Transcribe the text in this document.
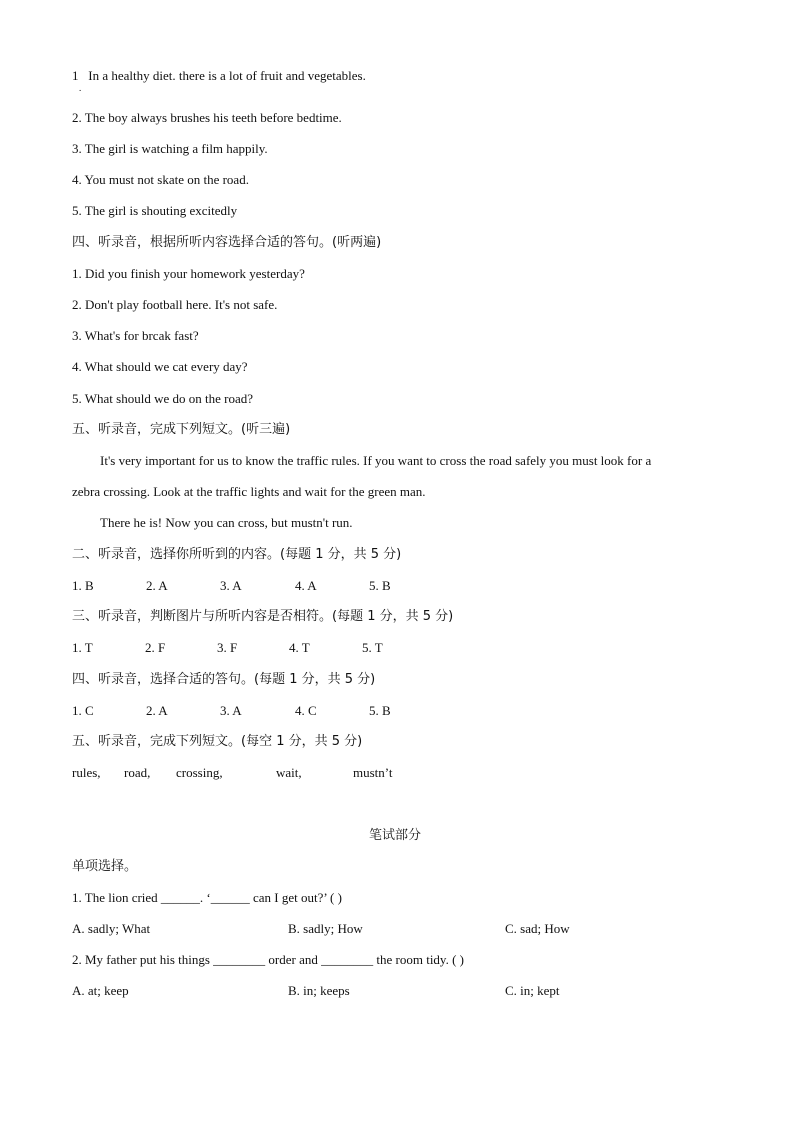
1 In a healthy diet. there is a lot of fruit and vegetables.
.
2. The boy always brushes his teeth before bedtime.
3. The girl is watching a film happily.
4. You must not skate on the road.
5. The girl is shouting excitedly
四、听录音，根据所听内容选择合适的答句。(听两遍)
1. Did you finish your homework yesterday?
2. Don't play football here. It's not safe.
3. What's for brcak fast?
4. What should we cat every day?
5. What should we do on the road?
五、听录音，完成下列短文。(听三遍)
It's very important for us to know the traffic rules. If you want to cross the road safely you must look for a
zebra crossing. Look at the traffic lights and wait for the green man.
There he is! Now you can cross, but mustn't run.
二、听录音，选择你所听到的内容。(每题 1 分，共 5 分)
1. B	2. A	3. A	4. A	5. B
三、听录音，判断图片与所听内容是否相符。(每题 1 分，共 5 分)
1. T	2. F	3. F	4. T	5. T
四、听录音，选择合适的答句。(每题 1 分，共 5 分)
1. C	2. A	3. A	4. C	5. B
五、听录音，完成下列短文。(每空 1 分，共 5 分)
rules, road, crossing,	wait,	mustn’t
笔试部分
单项选择。
1. The lion cried ______. ‘______ can I get out?’ ( )
A. sadly; What	B. sadly; How	C. sad; How
2. My father put his things ________ order and ________ the room tidy. ( )
A. at; keep	B. in; keeps	C. in; kept
